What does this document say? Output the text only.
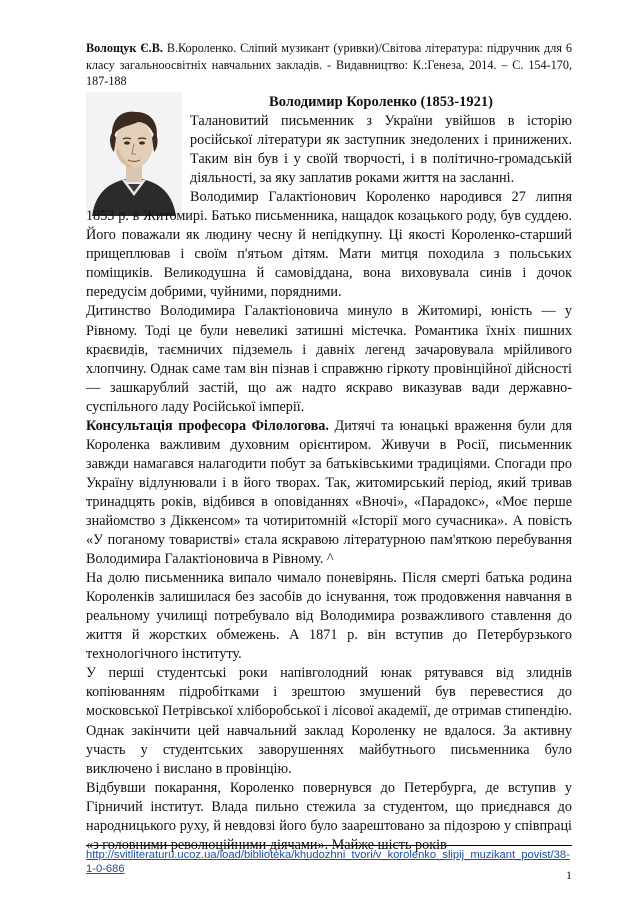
Волощук Є.В. В.Короленко. Сліпий музикант (уривки)/Світова література: підручник для 6 класу загальноосвітніх навчальних закладів. - Видавництво: К.:Генеза, 2014. – С. 154-170, 187-188
Володимир Короленко (1853-1921)

Талановитий письменник з України увійшов в історію російської літератури як заступник знедолених і принижених. Таким він був і у своїй творчості, і в політично-громадській діяльності, за яку заплатив роками життя на засланні.

Володимир Галактіонович Короленко народився 27 липня 1853 р. в Житомирі. Батько письменника, нащадок козацького роду, був суддею. Його поважали як людину чесну й непідкупну. Ці якості Короленко-старший прищеплював і своїм п'ятьом дітям. Мати митця походила з польських поміщиків. Великодушна й самовіддана, вона виховувала синів і дочок передусім добрими, чуйними, порядними.

Дитинство Володимира Галактіоновича минуло в Житомирі, юність — у Рівному. Тоді це були невеликі затишні містечка. Романтика їхніх пишних краєвидів, таємничих підземель і давніх легенд зачаровувала мрійливого хлопчину. Однак саме там він пізнав і справжню гіркоту провінційної дійсності — зашкарублий застій, що аж надто яскраво виказував вади державно-суспільного ладу Російської імперії.

Консультація професора Філологова. Дитячі та юнацькі враження були для Короленка важливим духовним орієнтиром. Живучи в Росії, письменник завжди намагався налагодити побут за батьківськими традиціями. Спогади про Україну відлунювали і в його творах. Так, житомирський період, який тривав тринадцять років, відбився в оповіданнях «Вночі», «Парадокс», «Моє перше знайомство з Діккенсом» та чотиритомній «Історії мого сучасника». А повість «У поганому товаристві» стала яскравою літературною пам'яткою перебування Володимира Галактіоновича в Рівному. ^

На долю письменника випало чимало поневірянь. Після смерті батька родина Короленків залишилася без засобів до існування, тож продовження навчання в реальному училищі потребувало від Володимира розважливого ставлення до життя й жорстких обмежень. А 1871 р. він вступив до Петербурзького технологічного інституту.

У перші студентські роки напівголодний юнак рятувався від злиднів копіюванням підробітками і зрештою змушений був перевестися до московської Петрівської хліборобської і лісової академії, де отримав стипендію. Однак закінчити цей навчальний заклад Короленку не вдалося. За активну участь у студентських заворушеннях майбутнього письменника було виключено і вислано в провінцію.

Відбувши покарання, Короленко повернувся до Петербурга, де вступив у Гірничий інститут. Влада пильно стежила за студентом, що приєднався до народницького руху, й невдовзі його було заарештовано за підозрою у співпраці «з головними революційними діячами». Майже шість років

http://svitliteraturu.ucoz.ua/load/biblioteka/khudozhni_tvori/v_korolenko_slipij_muzikant_povist/38-1-0-686	1
